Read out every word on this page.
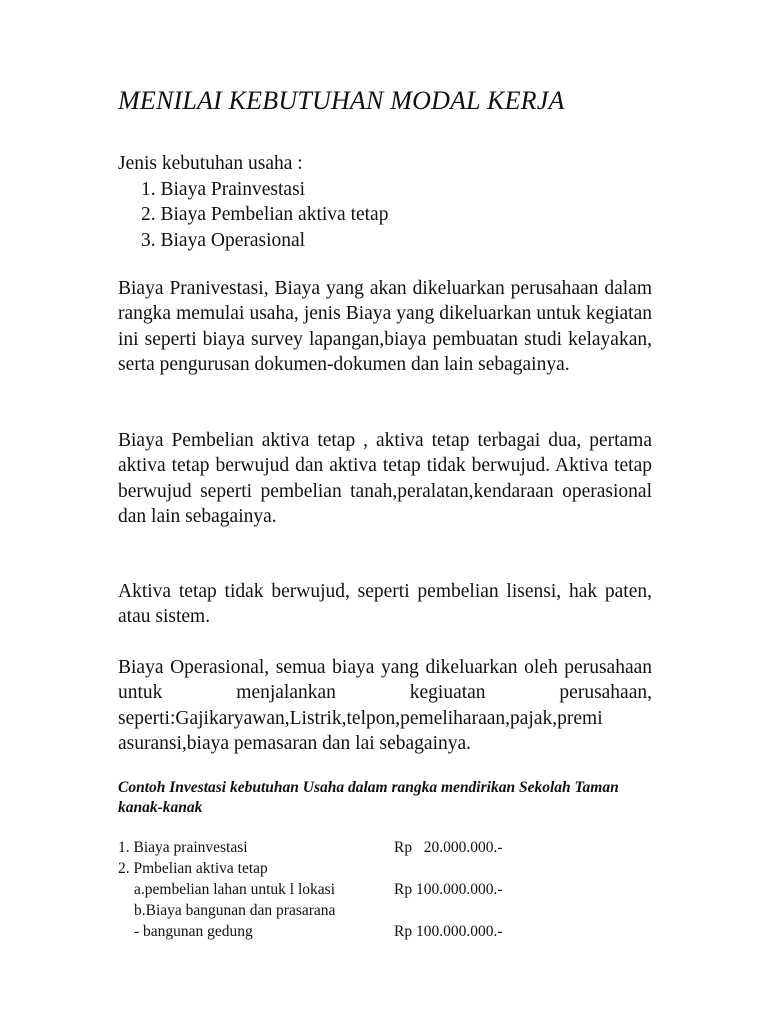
MENILAI KEBUTUHAN MODAL KERJA
Jenis kebutuhan usaha :
1. Biaya Prainvestasi
2. Biaya Pembelian aktiva tetap
3. Biaya Operasional

Biaya Pranivestasi, Biaya yang akan dikeluarkan perusahaan dalam rangka memulai usaha, jenis Biaya yang dikeluarkan untuk kegiatan ini seperti biaya survey lapangan,biaya pembuatan studi kelayakan, serta pengurusan dokumen-dokumen dan lain sebagainya.

Biaya Pembelian aktiva tetap , aktiva tetap terbagai dua, pertama aktiva tetap berwujud dan aktiva tetap tidak berwujud. Aktiva tetap berwujud seperti pembelian tanah,peralatan,kendaraan operasional dan lain sebagainya.

Aktiva tetap tidak berwujud, seperti pembelian lisensi, hak paten, atau sistem.

Biaya Operasional, semua biaya yang dikeluarkan oleh perusahaan untuk menjalankan kegiuatan perusahaan, seperti:Gajikaryawan,Listrik,telpon,pemeliharaan,pajak,premi asuransi,biaya pemasaran dan lai sebagainya.

Contoh Investasi kebutuhan Usaha dalam rangka mendirikan Sekolah Taman kanak-kanak

1. Biaya prainvestasi	Rp   20.000.000.-
2. Pmbelian aktiva tetap
a.pembelian lahan untuk l lokasi	Rp 100.000.000.-
b.Biaya bangunan dan prasarana
- bangunan gedung	Rp 100.000.000.-
